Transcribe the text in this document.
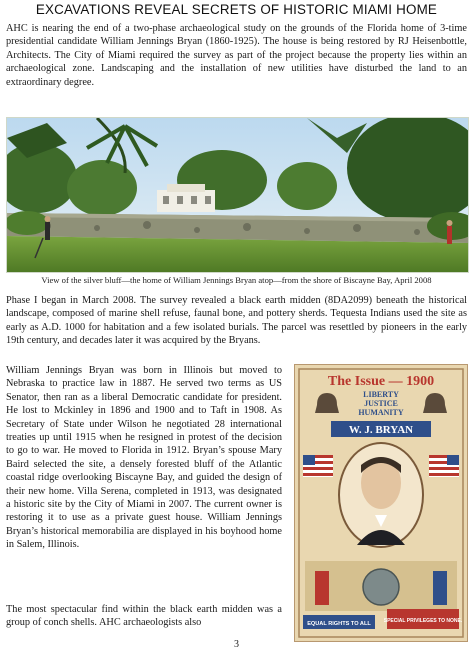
EXCAVATIONS REVEAL SECRETS OF HISTORIC MIAMI HOME

AHC is nearing the end of a two-phase archaeological study on the grounds of the Florida home of 3-time presidential candidate William Jennings Bryan (1860-1925). The house is being restored by RJ Heisenbottle, Architects. The City of Miami required the survey as part of the project because the property lies within an archaeological zone. Landscaping and the installation of new utilities have disturbed the land to an extraordinary degree.

View of the silver bluff—the home of William Jennings Bryan atop—from the shore of Biscayne Bay, April 2008

Phase I began in March 2008. The survey revealed a black earth midden (8DA2099) beneath the historical landscape, composed of marine shell refuse, faunal bone, and pottery sherds. Tequesta Indians used the site as early as A.D. 1000 for habitation and a few isolated burials. The parcel was resettled by pioneers in the early 19th century, and decades later it was acquired by the Bryans.

William Jennings Bryan was born in Illinois but moved to Nebraska to practice law in 1887. He served two terms as US Senator, then ran as a liberal Democratic candidate for president. He lost to Mckinley in 1896 and 1900 and to Taft in 1908. As Secretary of State under Wilson he negotiated 28 international treaties up until 1915 when he resigned in protest of the decision to go to war. He moved to Florida in 1912. Bryan’s spouse Mary Baird selected the site, a densely forested bluff of the Atlantic coastal ridge overlooking Biscayne Bay, and guided the design of their new home. Villa Serena, completed in 1913, was designated a historic site by the City of Miami in 2007. The current owner is restoring it to use as a private guest house. William Jennings Bryan’s historical memorabilia are displayed in his boyhood home in Salem, Illinois.

The Issue — 1900
LIBERTY
JUSTICE
HUMANITY
W. J. BRYAN
EQUAL RIGHTS TO ALL	SPECIAL PRIVILEGES TO NONE.

The most spectacular find within the black earth midden was a group of conch shells. AHC archaeologists also

3
